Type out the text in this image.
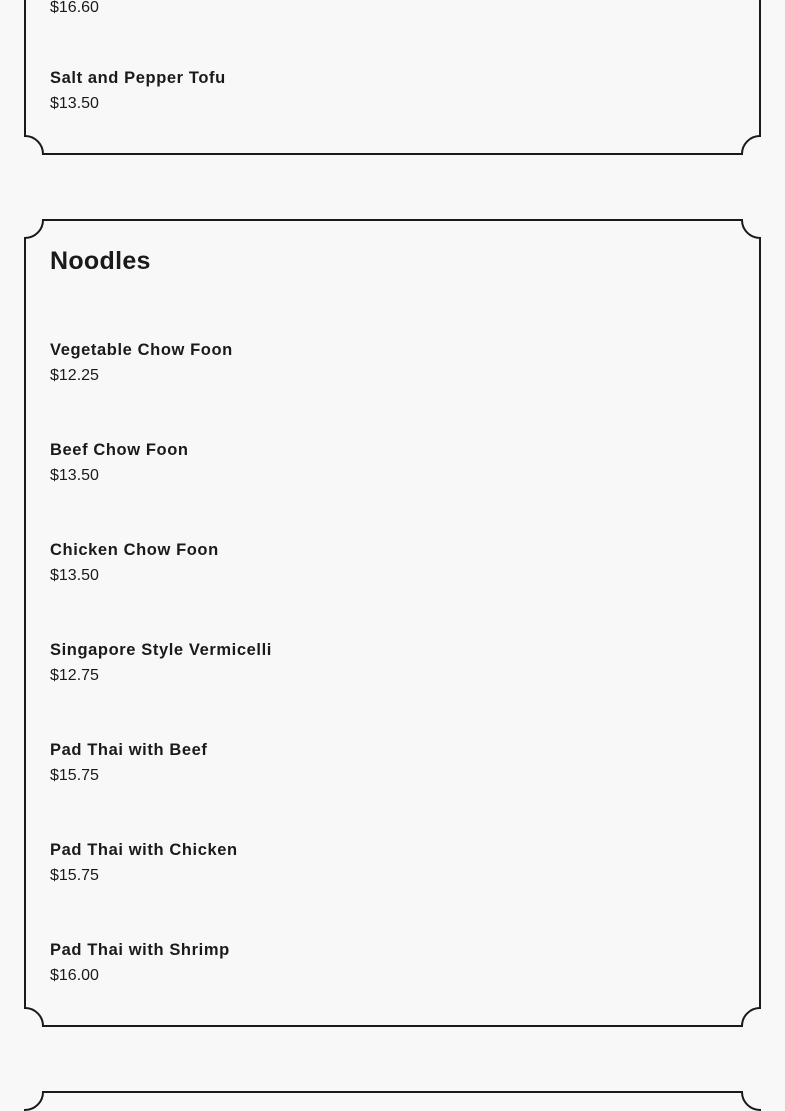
$16.60
Salt and Pepper Tofu
$13.50
Noodles
Vegetable Chow Foon
$12.25
Beef Chow Foon
$13.50
Chicken Chow Foon
$13.50
Singapore Style Vermicelli
$12.75
Pad Thai with Beef
$15.75
Pad Thai with Chicken
$15.75
Pad Thai with Shrimp
$16.00
